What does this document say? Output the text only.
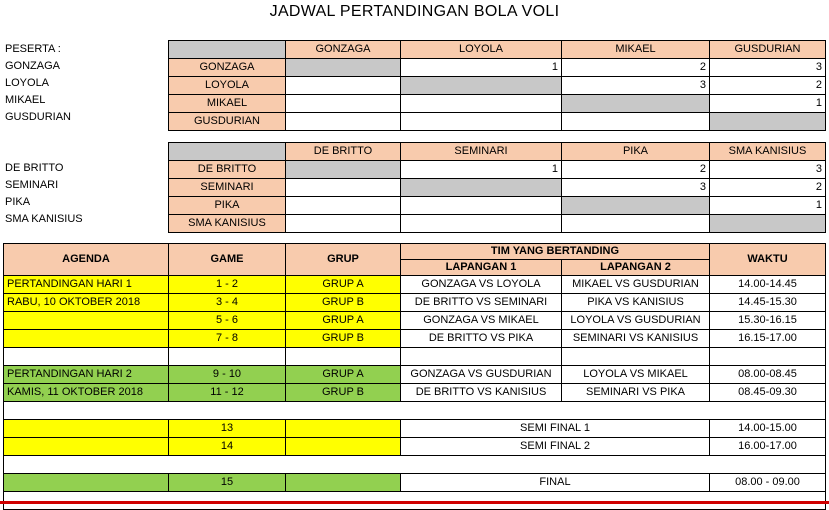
JADWAL PERTANDINGAN BOLA VOLI
PESERTA :
GONZAGA
LOYOLA
MIKAEL
GUSDURIAN
DE BRITTO
SEMINARI
PIKA
SMA KANISIUS
	GONZAGA	LOYOLA	MIKAEL	GUSDURIAN
GONZAGA		1	2	3
LOYOLA			3	2
MIKAEL				1
GUSDURIAN				
	DE BRITTO	SEMINARI	PIKA	SMA KANISIUS
DE BRITTO		1	2	3
SEMINARI			3	2
PIKA				1
SMA KANISIUS				
AGENDA	GAME	GRUP	TIM YANG BERTANDING		WAKTU
			LAPANGAN 1	LAPANGAN 2	
PERTANDINGAN HARI 1	1 - 2	GRUP A	GONZAGA VS LOYOLA	MIKAEL VS GUSDURIAN	14.00-14.45
RABU, 10 OKTOBER 2018	3 - 4	GRUP B	DE BRITTO VS SEMINARI	PIKA VS KANISIUS	14.45-15.30
	5 - 6	GRUP A	GONZAGA VS MIKAEL	LOYOLA VS GUSDURIAN	15.30-16.15
	7 - 8	GRUP B	DE BRITTO VS PIKA	SEMINARI VS KANISIUS	16.15-17.00

PERTANDINGAN HARI 2	9 - 10	GRUP A	GONZAGA VS GUSDURIAN	LOYOLA VS MIKAEL	08.00-08.45
KAMIS, 11 OKTOBER 2018	11 - 12	GRUP B	DE BRITTO VS KANISIUS	SEMINARI VS PIKA	08.45-09.30

	13		SEMI FINAL 1		14.00-15.00
	14		SEMI FINAL 2		16.00-17.00

	15		FINAL		08.00 - 09.00
